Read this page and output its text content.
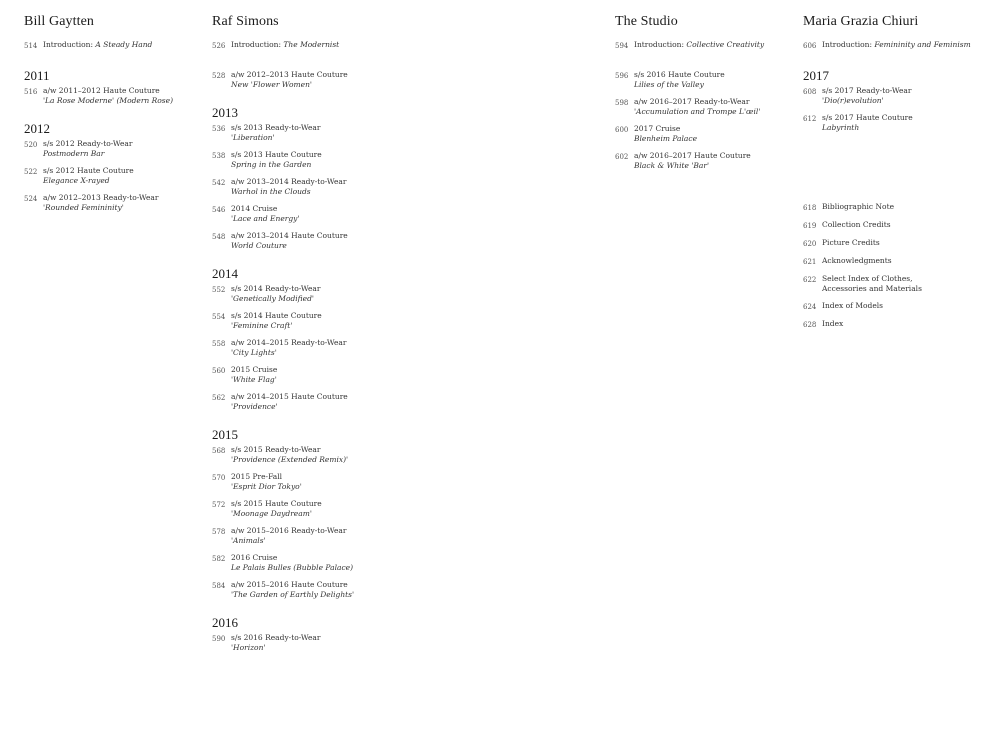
Bill Gaytten
514 Introduction: A Steady Hand
2011
516 a/w 2011–2012 Haute Couture
'La Rose Moderne' (Modern Rose)
2012
520 s/s 2012 Ready-to-Wear
Postmodern Bar
522 s/s 2012 Haute Couture
Elegance X-rayed
524 a/w 2012–2013 Ready-to-Wear
'Rounded Femininity'
Raf Simons
526 Introduction: The Modernist
528 a/w 2012–2013 Haute Couture
New 'Flower Women'
2013
536 s/s 2013 Ready-to-Wear
'Liberation'
538 s/s 2013 Haute Couture
Spring in the Garden
542 a/w 2013–2014 Ready-to-Wear
Warhol in the Clouds
546 2014 Cruise
'Lace and Energy'
548 a/w 2013–2014 Haute Couture
World Couture
2014
552 s/s 2014 Ready-to-Wear
'Genetically Modified'
554 s/s 2014 Haute Couture
'Feminine Craft'
558 a/w 2014–2015 Ready-to-Wear
'City Lights'
560 2015 Cruise
'White Flag'
562 a/w 2014–2015 Haute Couture
'Providence'
2015
568 s/s 2015 Ready-to-Wear
'Providence (Extended Remix)'
570 2015 Pre-Fall
'Esprit Dior Tokyo'
572 s/s 2015 Haute Couture
'Moonage Daydream'
578 a/w 2015–2016 Ready-to-Wear
'Animals'
582 2016 Cruise
Le Palais Bulles (Bubble Palace)
584 a/w 2015–2016 Haute Couture
'The Garden of Earthly Delights'
2016
590 s/s 2016 Ready-to-Wear
'Horizon'
The Studio
594 Introduction: Collective Creativity
596 s/s 2016 Haute Couture
Lilies of the Valley
598 a/w 2016–2017 Ready-to-Wear
'Accumulation and Trompe L'œil'
600 2017 Cruise
Blenheim Palace
602 a/w 2016–2017 Haute Couture
Black & White 'Bar'
Maria Grazia Chiuri
606 Introduction: Femininity and Feminism
2017
608 s/s 2017 Ready-to-Wear
'Dio(r)evolution'
612 s/s 2017 Haute Couture
Labyrinth
618 Bibliographic Note
619 Collection Credits
620 Picture Credits
621 Acknowledgments
622 Select Index of Clothes,
Accessories and Materials
624 Index of Models
628 Index
